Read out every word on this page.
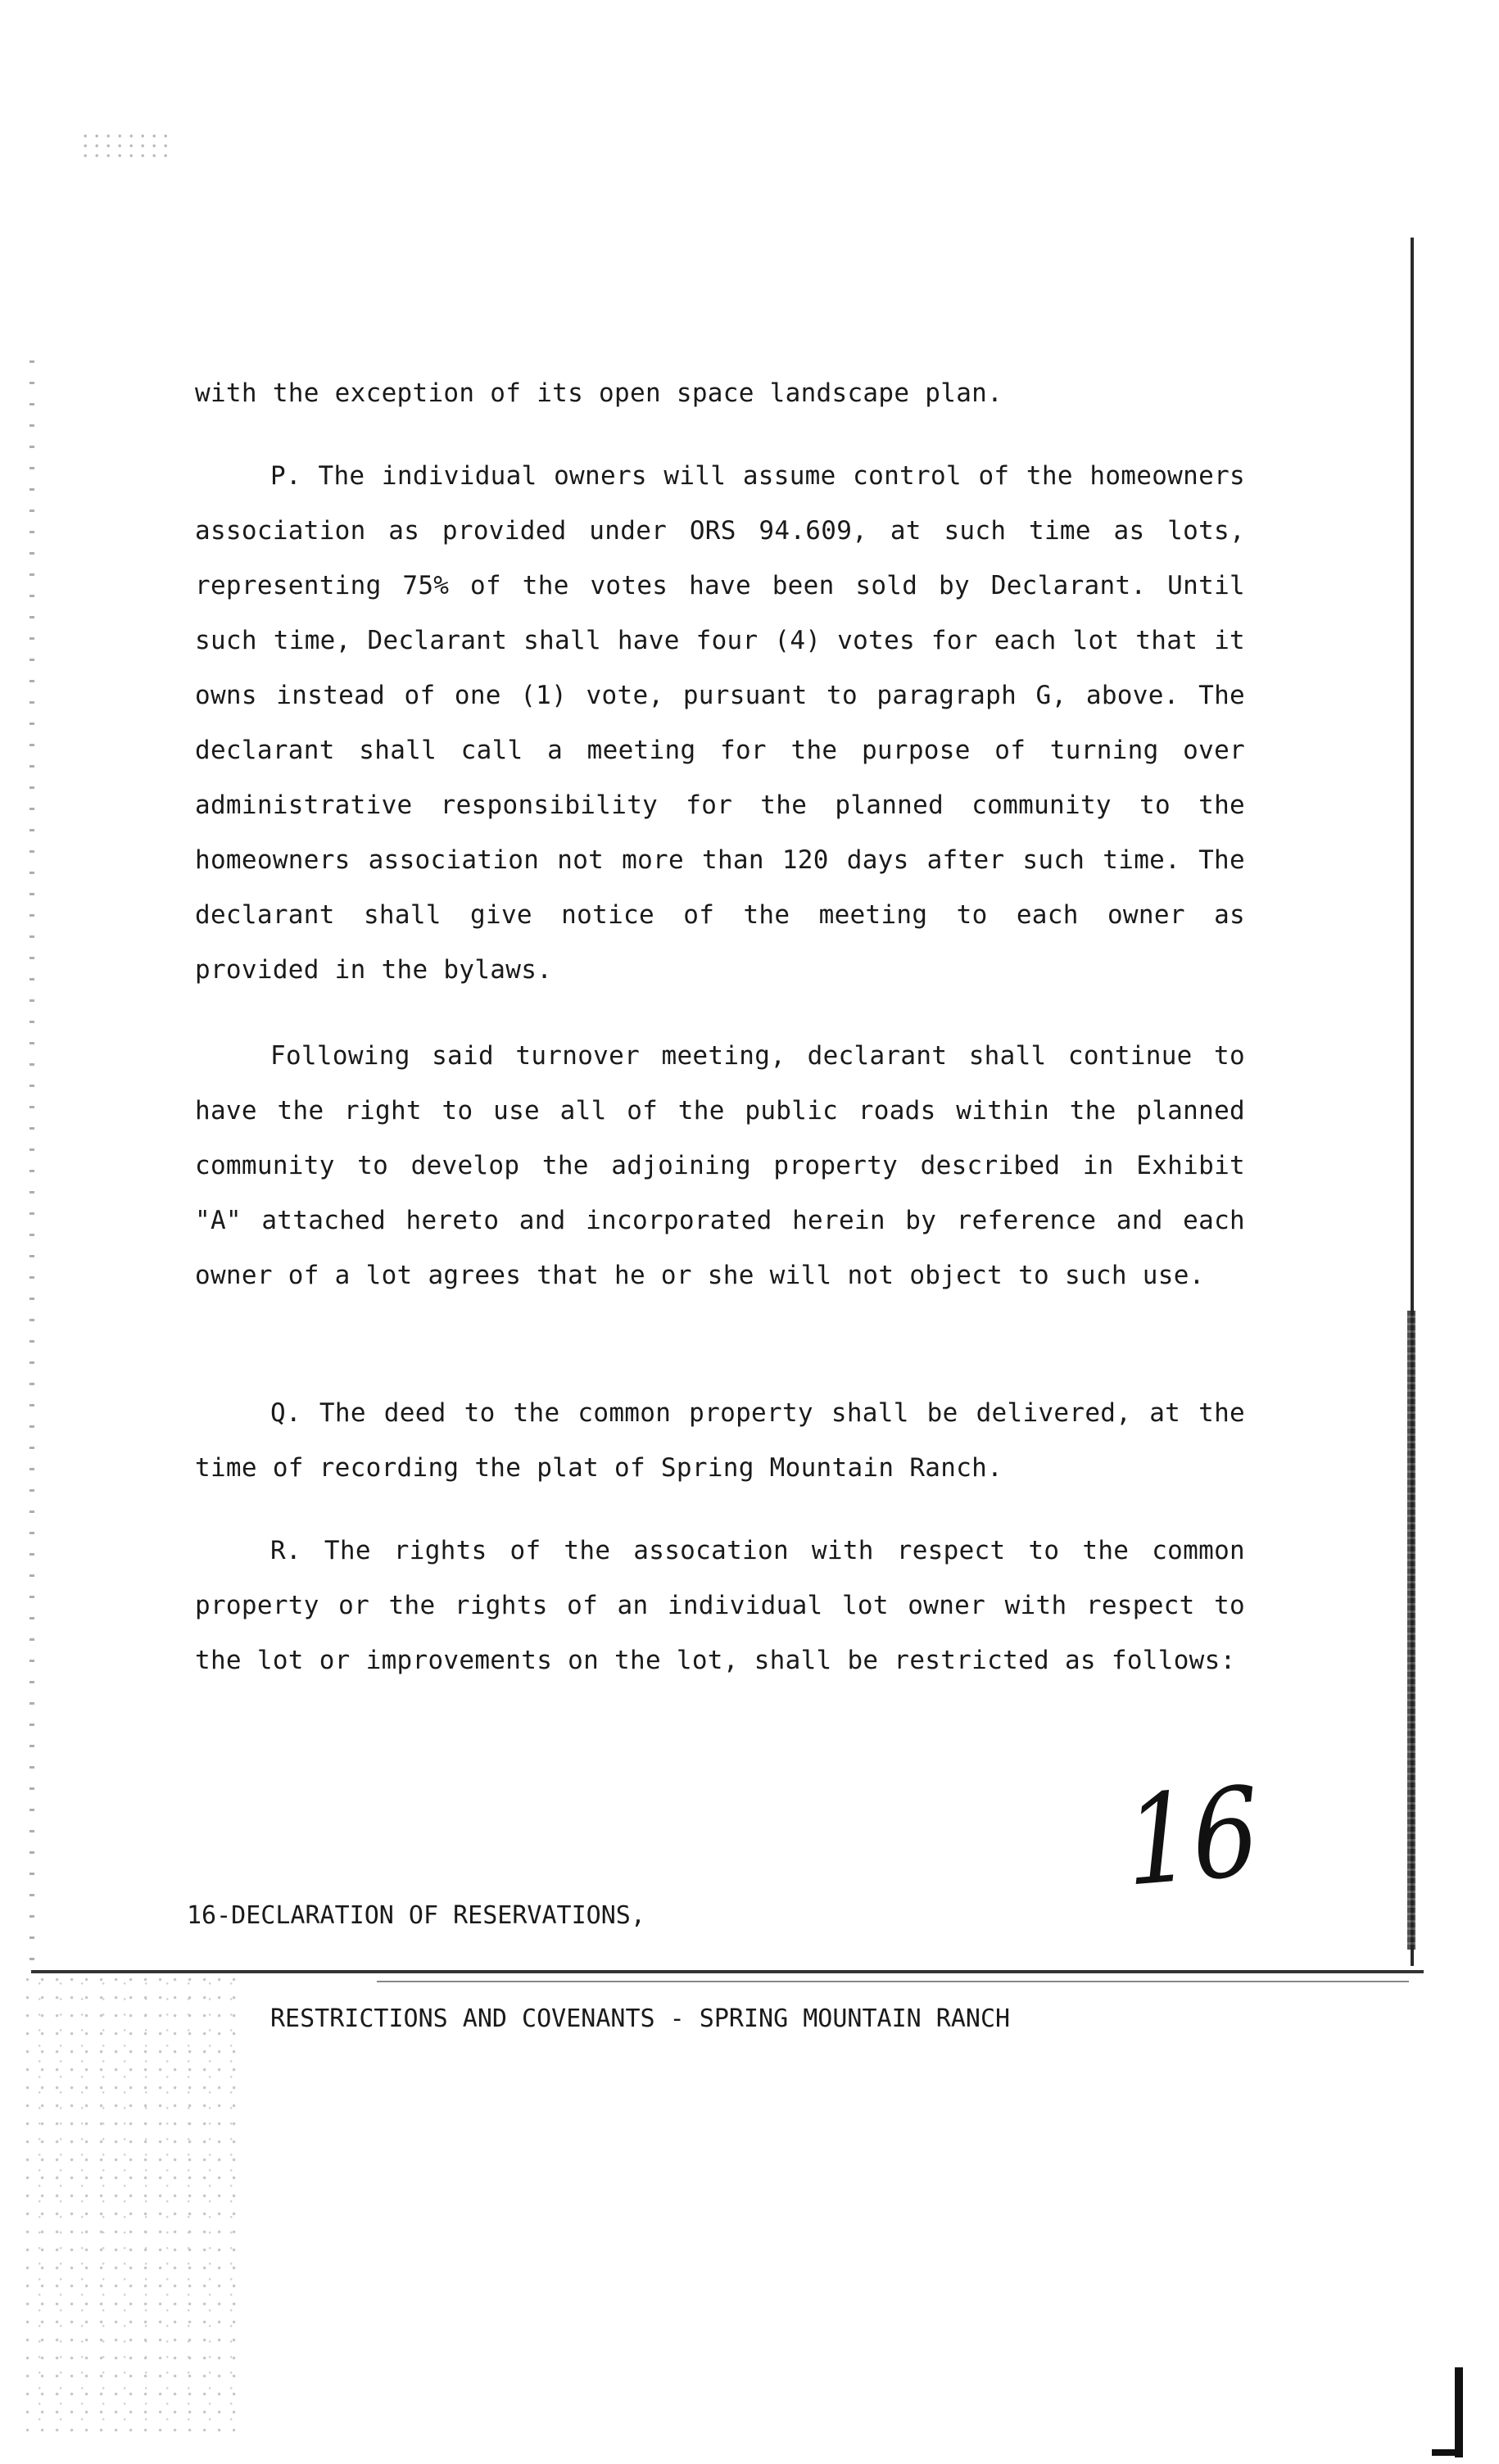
with the exception of its open space landscape plan.

P. The individual owners will assume control of the homeowners association as provided under ORS 94.609, at such time as lots, representing 75% of the votes have been sold by Declarant. Until such time, Declarant shall have four (4) votes for each lot that it owns instead of one (1) vote, pursuant to paragraph G, above. The declarant shall call a meeting for the purpose of turning over administrative responsibility for the planned community to the homeowners association not more than 120 days after such time. The declarant shall give notice of the meeting to each owner as provided in the bylaws.

Following said turnover meeting, declarant shall continue to have the right to use all of the public roads within the planned community to develop the adjoining property described in Exhibit "A" attached hereto and incorporated herein by reference and each owner of a lot agrees that he or she will not object to such use.

Q. The deed to the common property shall be delivered, at the time of recording the plat of Spring Mountain Ranch.

R. The rights of the assocation with respect to the common property or the rights of an individual lot owner with respect to the lot or improvements on the lot, shall be restricted as follows:

16-DECLARATION OF RESERVATIONS,

RESTRICTIONS AND COVENANTS - SPRING MOUNTAIN RANCH

16
